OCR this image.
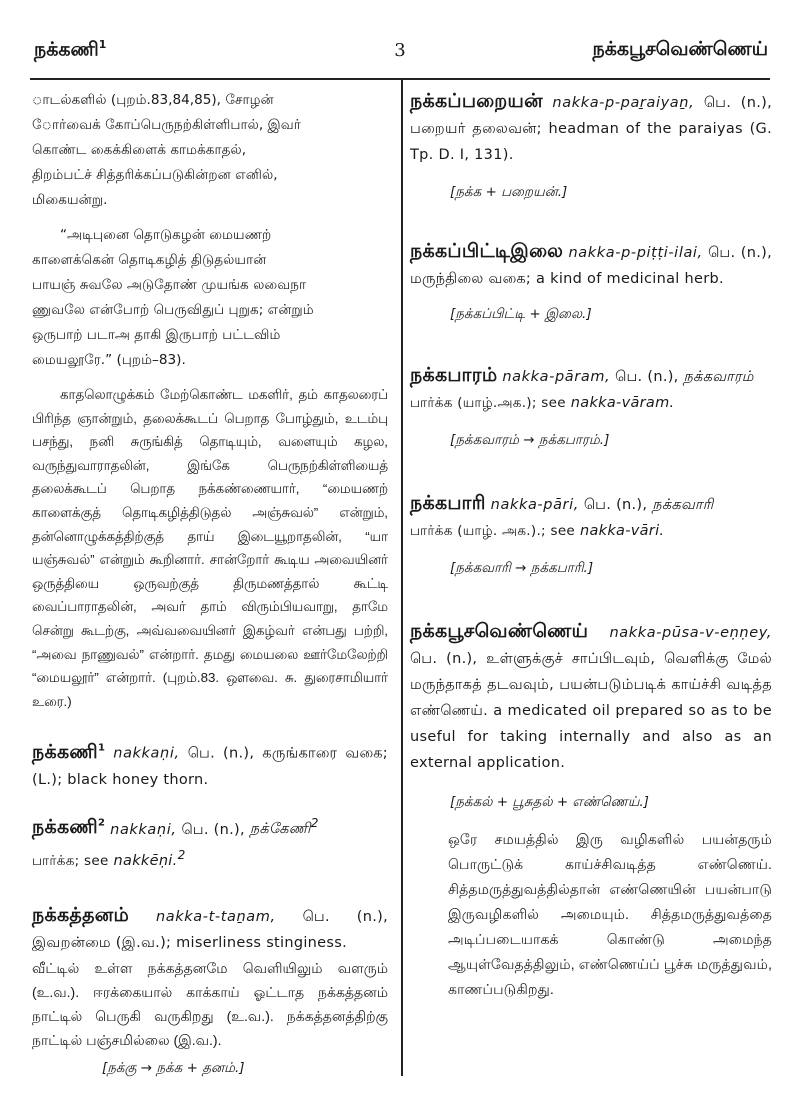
நக்கணி$^1$	3	நக்கபூசவெண்ணெய்
ாடல்களில் (புறம்.83,84,85), சோழன்
ோர்வைக் கோப்பெருநற்கிள்ளிபால், இவர்
கொண்ட கைக்கிளைக் காமக்காதல்,
திறம்பட்ச் சித்தரிக்கப்படுகின்றன எனில்,
மிகையன்று.
“அடிபுனை தொடுகழன் மையணற்
காளைக்கென் தொடிகழித் திடுதல்யான்
பாயஞ் சுவலே அடுதோண் முயங்க லவைநா
ணுவலே என்போற் பெருவிதுப் புறுக; என்றும்
ஒருபாற் படாஅ தாகி இருபாற் பட்டவிம்
மையலூரே.” (புறம்–83).

காதலொழுக்கம் மேற்கொண்ட மகளிர், தம் காதலரைப் பிரிந்த ஞான்றும், தலைக்கூடப் பெறாத போழ்தும், உடம்பு பசந்து, நனி சுருங்கித் தொடியும், வளையும் கழல, வருந்துவாராதலின், இங்கே பெருநற்கிள்ளியைத் தலைக்கூடப் பெறாத நக்கண்ணையார், “மையணற் காளைக்குத் தொடிகழித்திடுதல் அஞ்சுவல்” என்றும், தன்னொழுக்கத்திற்குத் தாய் இடையூறாதலின், “யா யஞ்சுவல்” என்றும் கூறினார். சான்றோர் கூடிய அவையினர் ஒருத்தியை ஒருவற்குத் திருமணத்தால் கூட்டி வைப்பாராதலின், அவர் தாம் விரும்பியவாறு, தாமே சென்று கூடற்கு, அவ்வவையினர் இகழ்வர் என்பது பற்றி, “அவை நாணுவல்” என்றார். தமது மையலை ஊர்மேலேற்றி “மையலூர்” என்றார். (புறம்.83. ஔவை. சு. துரைசாமியார் உரை.)

நக்கணி$^1$ nakkaṇi, பெ. (n.), கருங்காரை வகை; (L.); black honey thorn.

நக்கணி$^2$ nakkaṇi, பெ. (n.), நக்கேணி$^2$
பார்க்க; see nakkēṇi.$^2$

நக்கத்தனம் nakka-t-taṉam, பெ. (n.), இவறன்மை (இ.வ.); miserliness stinginess.

வீட்டில் உள்ள நக்கத்தனமே வெளியிலும் வளரும் (உ.வ.). ஈரக்கையால் காக்காய் ஓட்டாத நக்கத்தனம் நாட்டில் பெருகி வருகிறது (உ.வ.). நக்கத்தனத்திற்கு நாட்டில் பஞ்சமில்லை (இ.வ.).

[நக்கு → நக்க + தனம்.]

நக்கப்பறையன் nakka-p-paṟaiyaṉ, பெ. (n.), பறையர் தலைவன்; headman of the paraiyas (G. Tp. D. I, 131).

[நக்க + பறையன்.]

நக்கப்பிட்டிஇலை nakka-p-piṭṭi-ilai, பெ. (n.), மருந்திலை வகை; a kind of medicinal herb.

[நக்கப்பிட்டி + இலை.]

நக்கபாரம் nakka-pāram, பெ. (n.), நக்கவாரம்
பார்க்க (யாழ்.அக.); see nakka-vāram.

[நக்கவாரம் → நக்கபாரம்.]

நக்கபாரி nakka-pāri, பெ. (n.), நக்கவாரி
பார்க்க (யாழ். அக.).; see nakka-vāri.

[நக்கவாரி → நக்கபாரி.]

நக்கபூசவெண்ணெய் nakka-pūsa-v-eṇṇey, பெ. (n.), உள்ளுக்குச் சாப்பிடவும், வெளிக்கு மேல் மருந்தாகத் தடவவும், பயன்படும்படிக் காய்ச்சி வடித்த எண்ணெய். a medicated oil prepared so as to be useful for taking internally and also as an external application.

[நக்கல் + பூசுதல் + எண்ணெய்.]

ஒரே சமயத்தில் இரு வழிகளில் பயன்தரும் பொருட்டுக் காய்ச்சிவடித்த எண்ணெய். சித்தமருத்துவத்தில்தான் எண்ணெயின் பயன்பாடு இருவழிகளில் அமையும். சித்தமருத்துவத்தை அடிப்படையாகக் கொண்டு அமைந்த ஆயுள்வேதத்திலும், எண்ணெய்ப் பூச்சு மருத்துவம், காணப்படுகிறது.
